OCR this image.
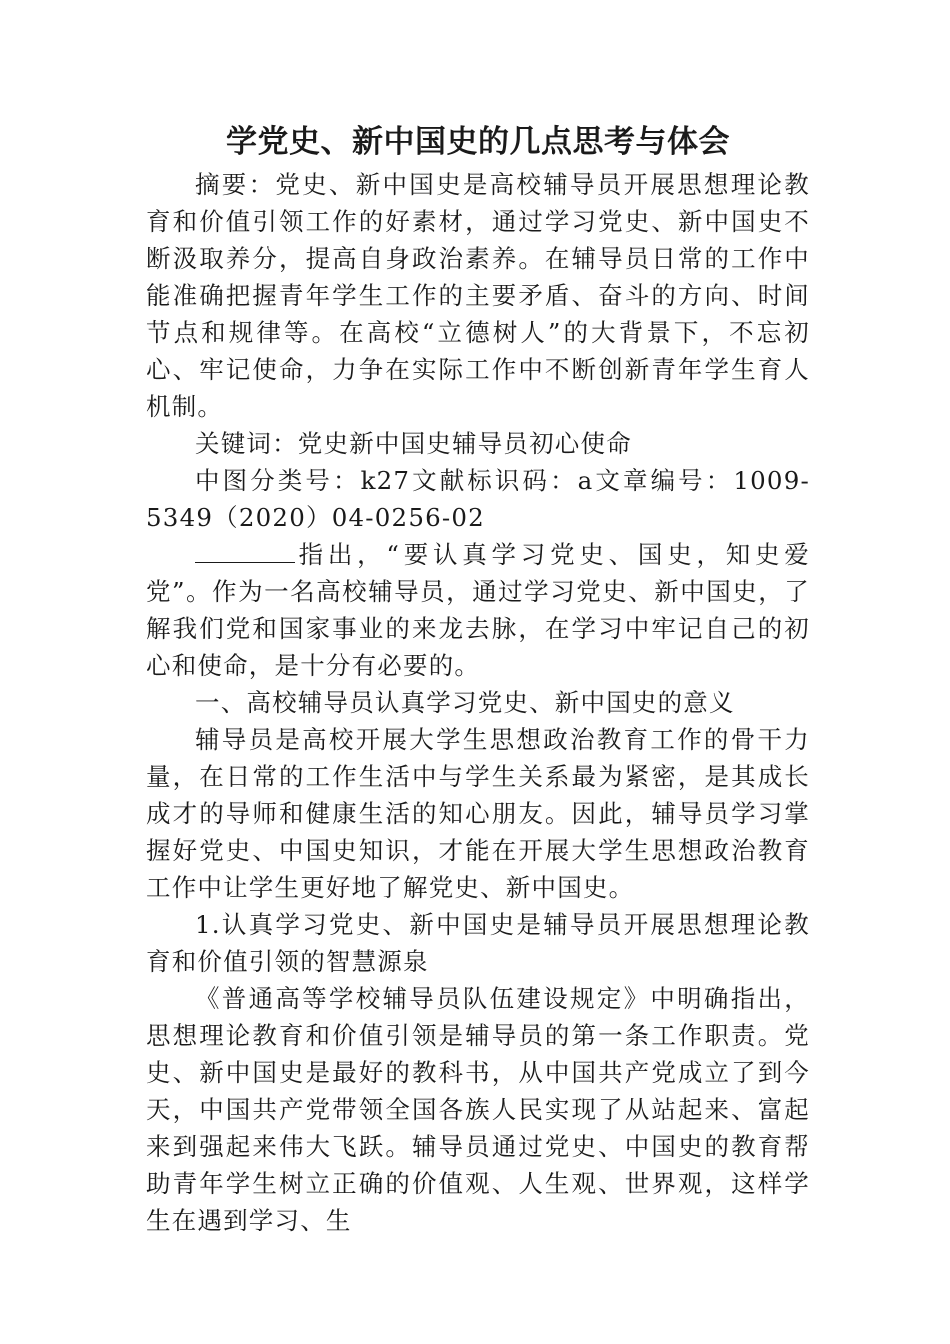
学党史、新中国史的几点思考与体会

摘要：党史、新中国史是高校辅导员开展思想理论教育和价值引领工作的好素材，通过学习党史、新中国史不断汲取养分，提高自身政治素养。在辅导员日常的工作中能准确把握青年学生工作的主要矛盾、奋斗的方向、时间节点和规律等。在高校“立德树人”的大背景下，不忘初心、牢记使命，力争在实际工作中不断创新青年学生育人机制。

关键词：党史新中国史辅导员初心使命

中图分类号：k27文献标识码：a文章编号：1009-5349（2020）04-0256-02

指出，“要认真学习党史、国史，知史爱党”。作为一名高校辅导员，通过学习党史、新中国史，了解我们党和国家事业的来龙去脉，在学习中牢记自己的初心和使命，是十分有必要的。

一、高校辅导员认真学习党史、新中国史的意义

辅导员是高校开展大学生思想政治教育工作的骨干力量，在日常的工作生活中与学生关系最为紧密，是其成长成才的导师和健康生活的知心朋友。因此，辅导员学习掌握好党史、中国史知识，才能在开展大学生思想政治教育工作中让学生更好地了解党史、新中国史。

1.认真学习党史、新中国史是辅导员开展思想理论教育和价值引领的智慧源泉

《普通高等学校辅导员队伍建设规定》中明确指出，思想理论教育和价值引领是辅导员的第一条工作职责。党史、新中国史是最好的教科书，从中国共产党成立了到今天，中国共产党带领全国各族人民实现了从站起来、富起来到强起来伟大飞跃。辅导员通过党史、中国史的教育帮助青年学生树立正确的价值观、人生观、世界观，这样学生在遇到学习、生
